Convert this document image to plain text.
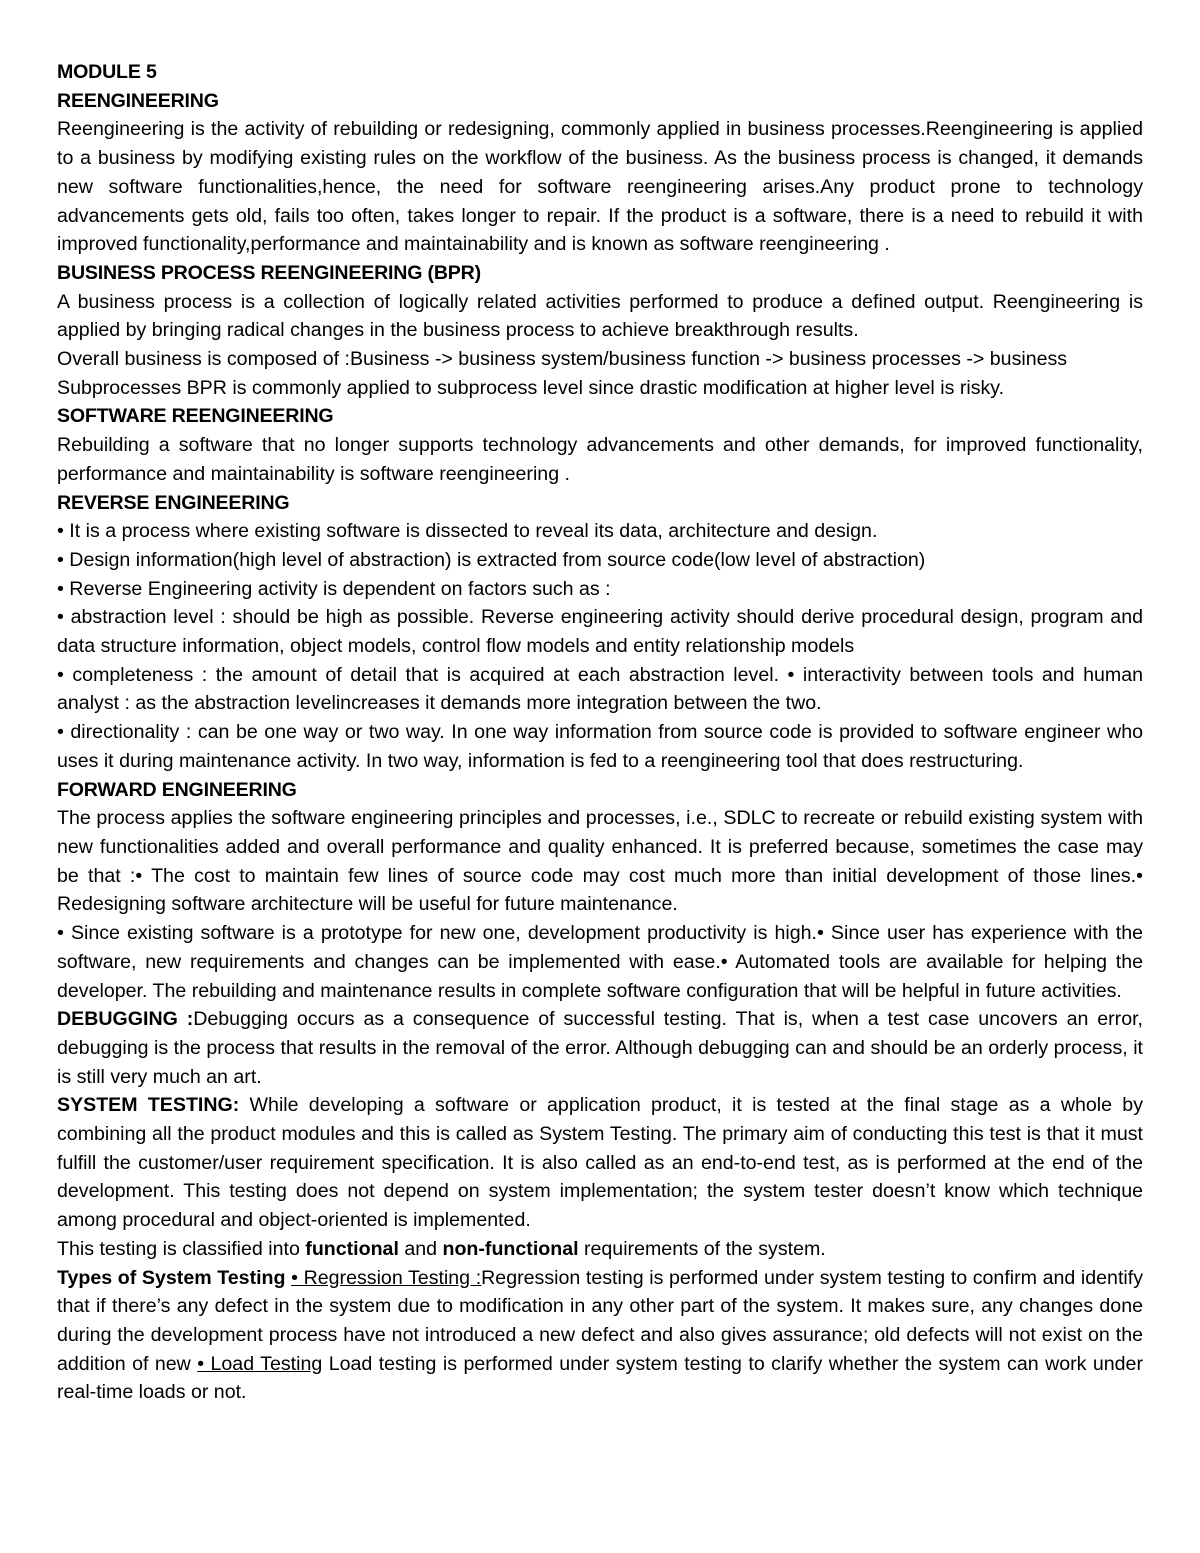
MODULE 5

REENGINEERING

Reengineering is the activity of rebuilding or redesigning, commonly applied in business processes.Reengineering is applied to a business by modifying existing rules on the workflow of the business. As the business process is changed, it demands new software functionalities,hence, the need for software reengineering arises.Any product prone to technology advancements gets old, fails too often, takes longer to repair. If the product is a software, there is a need to rebuild it with improved functionality,performance and maintainability and is known as software reengineering .

BUSINESS PROCESS REENGINEERING (BPR)

A business process is a collection of logically related activities performed to produce a defined output. Reengineering is applied by bringing radical changes in the business process to achieve breakthrough results.

Overall business is composed of :Business -> business system/business function -> business processes -> business Subprocesses BPR is commonly applied to subprocess level since drastic modification at higher level is risky.

SOFTWARE REENGINEERING

Rebuilding a software that no longer supports technology advancements and other demands, for improved functionality, performance and maintainability is software reengineering .

REVERSE ENGINEERING

• It is a process where existing software is dissected to reveal its data, architecture and design.

• Design information(high level of abstraction) is extracted from source code(low level of abstraction)

• Reverse Engineering activity is dependent on factors such as :

• abstraction level : should be high as possible. Reverse engineering activity should derive procedural design, program and data structure information, object models, control flow models and entity relationship models

• completeness : the amount of detail that is acquired at each abstraction level. • interactivity between tools and human analyst : as the abstraction levelincreases it demands more integration between the two.

• directionality : can be one way or two way. In one way information from source code is provided to software engineer who uses it during maintenance activity. In two way, information is fed to a reengineering tool that does restructuring.

FORWARD ENGINEERING

The process applies the software engineering principles and processes, i.e., SDLC to recreate or rebuild existing system with new functionalities added and overall performance and quality enhanced. It is preferred because, sometimes the case may be that :• The cost to maintain few lines of source code may cost much more than initial development of those lines.• Redesigning software architecture will be useful for future maintenance.

• Since existing software is a prototype for new one, development productivity is high.• Since user has experience with the software, new requirements and changes can be implemented with ease.• Automated tools are available for helping the developer. The rebuilding and maintenance results in complete software configuration that will be helpful in future activities.

DEBUGGING :Debugging occurs as a consequence of successful testing. That is, when a test case uncovers an error, debugging is the process that results in the removal of the error. Although debugging can and should be an orderly process, it is still very much an art.

SYSTEM TESTING: While developing a software or application product, it is tested at the final stage as a whole by combining all the product modules and this is called as System Testing. The primary aim of conducting this test is that it must fulfill the customer/user requirement specification. It is also called as an end-to-end test, as is performed at the end of the development. This testing does not depend on system implementation; the system tester doesn’t know which technique among procedural and object-oriented is implemented.

This testing is classified into functional and non-functional requirements of the system.

Types of System Testing • Regression Testing :Regression testing is performed under system testing to confirm and identify that if there’s any defect in the system due to modification in any other part of the system. It makes sure, any changes done during the development process have not introduced a new defect and also gives assurance; old defects will not exist on the addition of new • Load Testing Load testing is performed under system testing to clarify whether the system can work under real-time loads or not.
